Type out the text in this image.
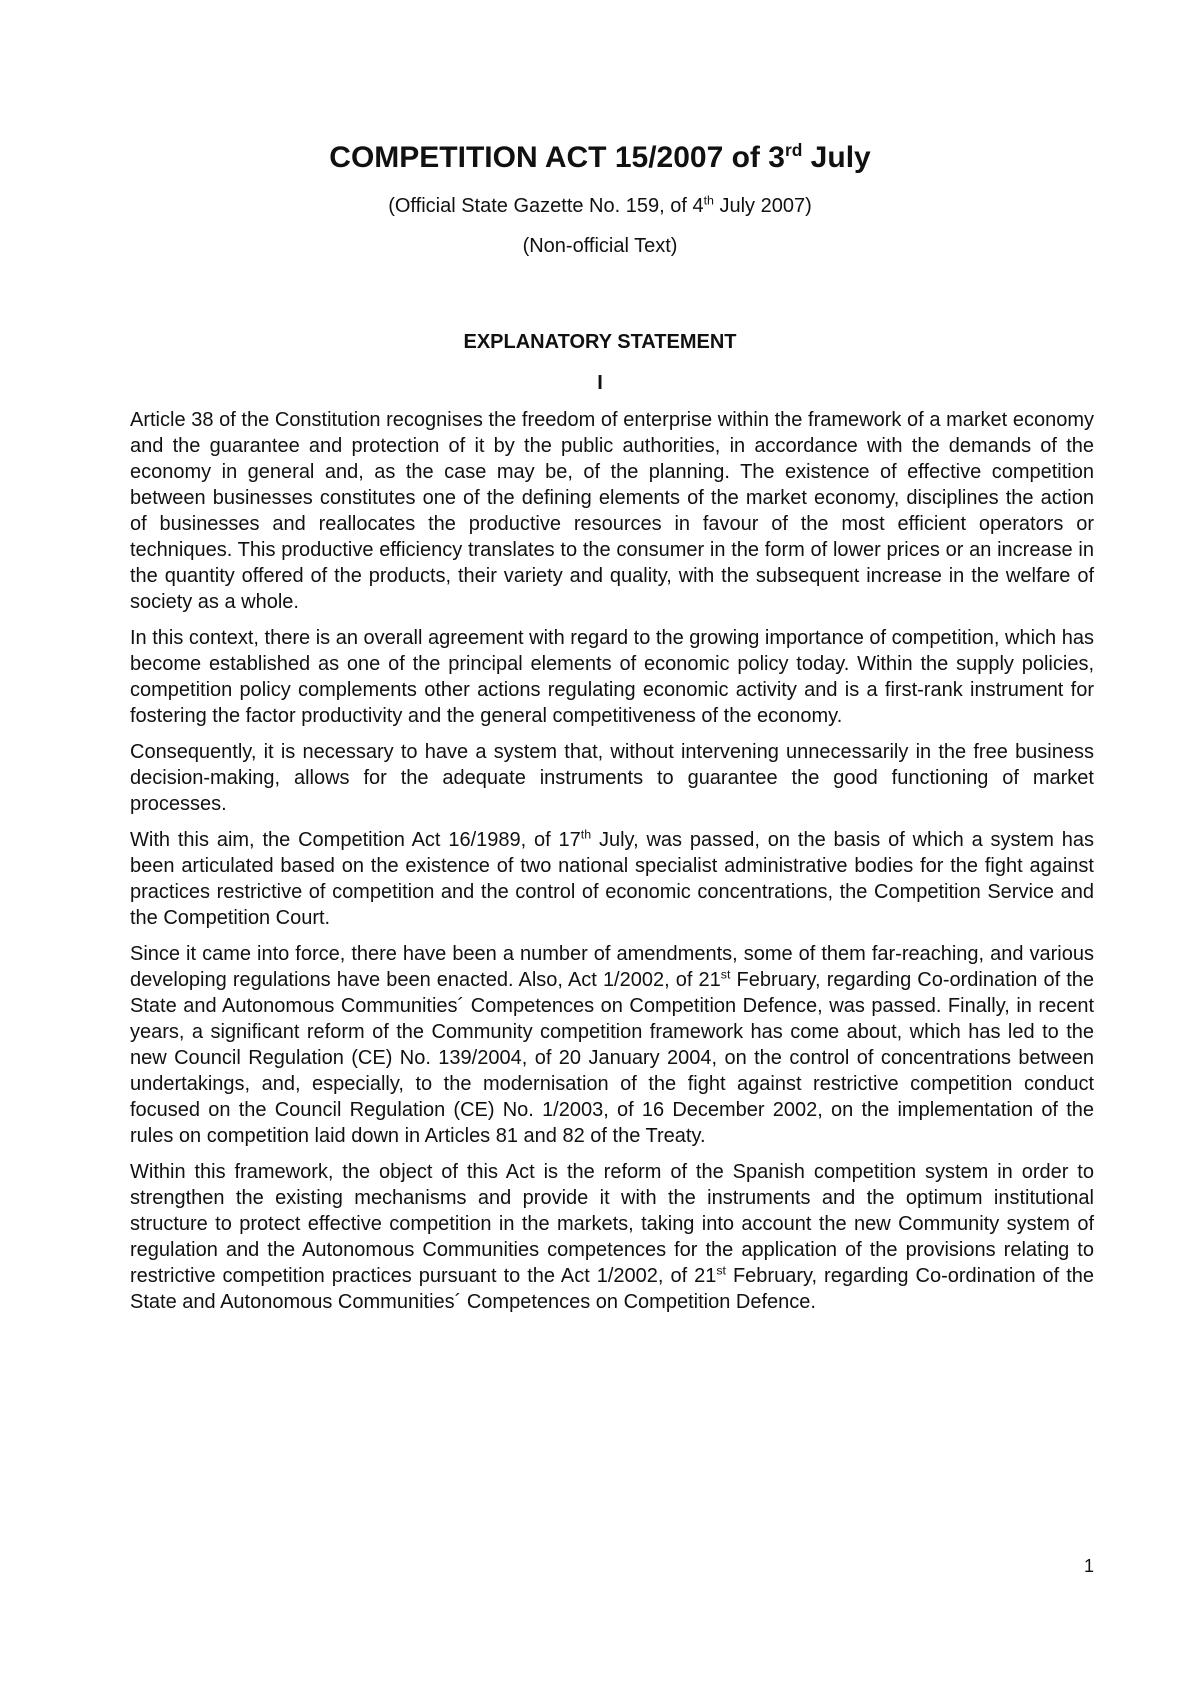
COMPETITION ACT 15/2007 of 3rd July
(Official State Gazette No. 159, of 4th July 2007)
(Non-official Text)
EXPLANATORY STATEMENT
I

Article 38 of the Constitution recognises the freedom of enterprise within the framework of a market economy and the guarantee and protection of it by the public authorities, in accordance with the demands of the economy in general and, as the case may be, of the planning. The existence of effective competition between businesses constitutes one of the defining elements of the market economy, disciplines the action of businesses and reallocates the productive resources in favour of the most efficient operators or techniques. This productive efficiency translates to the consumer in the form of lower prices or an increase in the quantity offered of the products, their variety and quality, with the subsequent increase in the welfare of society as a whole.

In this context, there is an overall agreement with regard to the growing importance of competition, which has become established as one of the principal elements of economic policy today. Within the supply policies, competition policy complements other actions regulating economic activity and is a first-rank instrument for fostering the factor productivity and the general competitiveness of the economy.

Consequently, it is necessary to have a system that, without intervening unnecessarily in the free business decision-making, allows for the adequate instruments to guarantee the good functioning of market processes.

With this aim, the Competition Act 16/1989, of 17th July, was passed, on the basis of which a system has been articulated based on the existence of two national specialist administrative bodies for the fight against practices restrictive of competition and the control of economic concentrations, the Competition Service and the Competition Court.

Since it came into force, there have been a number of amendments, some of them far-reaching, and various developing regulations have been enacted. Also, Act 1/2002, of 21st February, regarding Co-ordination of the State and Autonomous Communities´ Competences on Competition Defence, was passed. Finally, in recent years, a significant reform of the Community competition framework has come about, which has led to the new Council Regulation (CE) No. 139/2004, of 20 January 2004, on the control of concentrations between undertakings, and, especially, to the modernisation of the fight against restrictive competition conduct focused on the Council Regulation (CE) No. 1/2003, of 16 December 2002, on the implementation of the rules on competition laid down in Articles 81 and 82 of the Treaty.

Within this framework, the object of this Act is the reform of the Spanish competition system in order to strengthen the existing mechanisms and provide it with the instruments and the optimum institutional structure to protect effective competition in the markets, taking into account the new Community system of regulation and the Autonomous Communities competences for the application of the provisions relating to restrictive competition practices pursuant to the Act 1/2002, of 21st February, regarding Co-ordination of the State and Autonomous Communities´ Competences on Competition Defence.

1
